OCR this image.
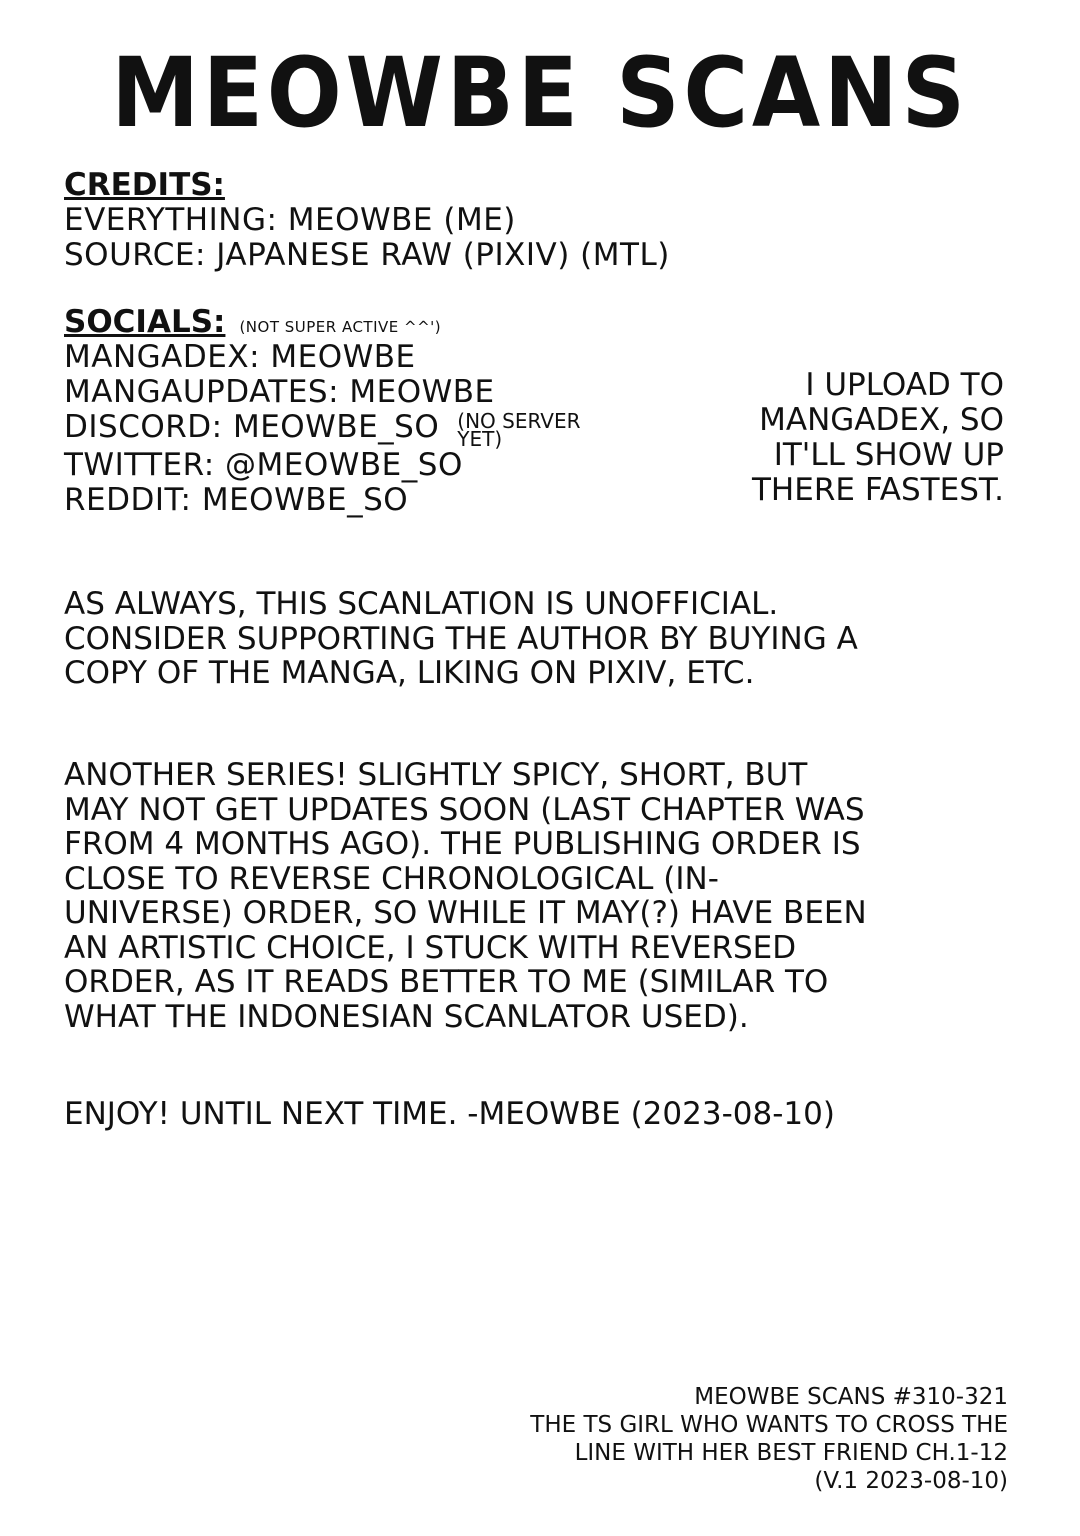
MEOWBE SCANS
CREDITS:
EVERYTHING: MEOWBE (ME)
SOURCE: JAPANESE RAW (PIXIV) (MTL)
SOCIALS: (NOT SUPER ACTIVE ^^')
MANGADEX: MEOWBE
MANGAUPDATES: MEOWBE
DISCORD: MEOWBE_SO (NO SERVER
YET)
TWITTER: @MEOWBE_SO
REDDIT: MEOWBE_SO
I UPLOAD TO
MANGADEX, SO
IT'LL SHOW UP
THERE FASTEST.
AS ALWAYS, THIS SCANLATION IS UNOFFICIAL.
CONSIDER SUPPORTING THE AUTHOR BY BUYING A
COPY OF THE MANGA, LIKING ON PIXIV, ETC.
ANOTHER SERIES! SLIGHTLY SPICY, SHORT, BUT
MAY NOT GET UPDATES SOON (LAST CHAPTER WAS
FROM 4 MONTHS AGO). THE PUBLISHING ORDER IS
CLOSE TO REVERSE CHRONOLOGICAL (IN-
UNIVERSE) ORDER, SO WHILE IT MAY(?) HAVE BEEN
AN ARTISTIC CHOICE, I STUCK WITH REVERSED
ORDER, AS IT READS BETTER TO ME (SIMILAR TO
WHAT THE INDONESIAN SCANLATOR USED).
ENJOY! UNTIL NEXT TIME. -MEOWBE (2023-08-10)
MEOWBE SCANS #310-321
THE TS GIRL WHO WANTS TO CROSS THE
LINE WITH HER BEST FRIEND CH.1-12
(V.1 2023-08-10)
